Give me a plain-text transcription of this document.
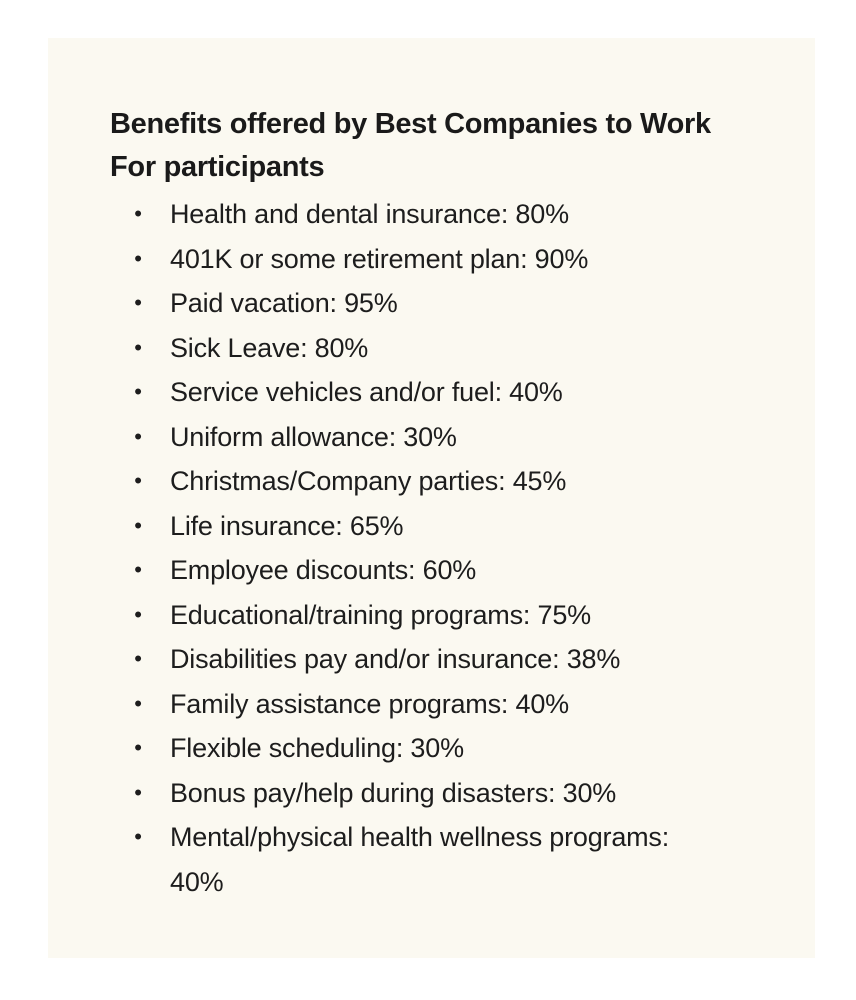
Benefits offered by Best Companies to Work For participants
• Health and dental insurance: 80%
• 401K or some retirement plan: 90%
• Paid vacation: 95%
• Sick Leave: 80%
• Service vehicles and/or fuel: 40%
• Uniform allowance: 30%
• Christmas/Company parties: 45%
• Life insurance: 65%
• Employee discounts: 60%
• Educational/training programs: 75%
• Disabilities pay and/or insurance: 38%
• Family assistance programs: 40%
• Flexible scheduling: 30%
• Bonus pay/help during disasters: 30%
• Mental/physical health wellness programs: 40%
